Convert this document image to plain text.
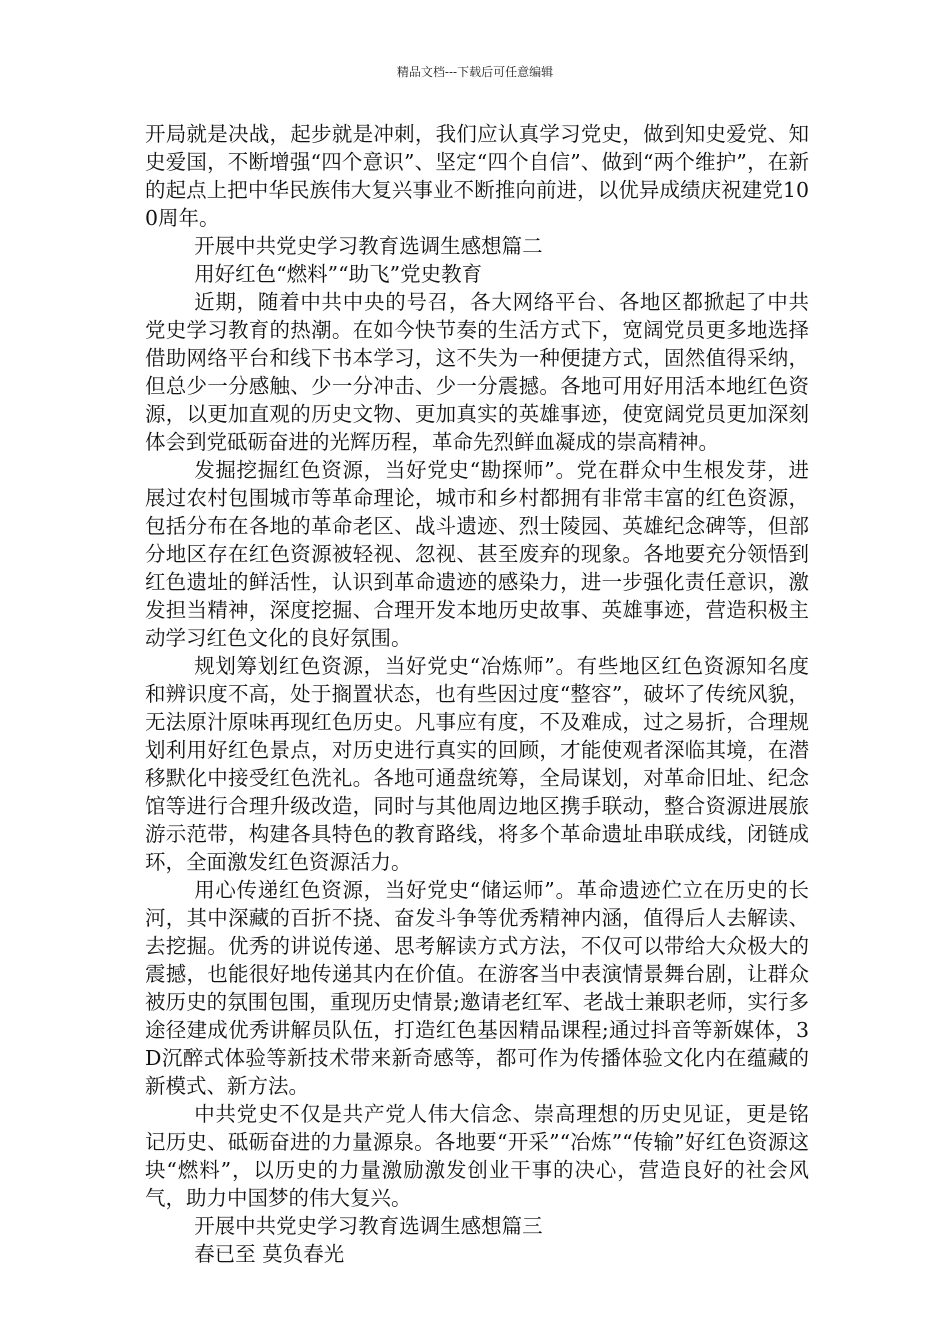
精品文档---下载后可任意编辑

开局就是决战，起步就是冲刺，我们应认真学习党史，做到知史爱党、知史爱国，不断增强“四个意识”、坚定“四个自信”、做到“两个维护”，在新的起点上把中华民族伟大复兴事业不断推向前进，以优异成绩庆祝建党100周年。

开展中共党史学习教育选调生感想篇二

用好红色“燃料”“助飞”党史教育

近期，随着中共中央的号召，各大网络平台、各地区都掀起了中共党史学习教育的热潮。在如今快节奏的生活方式下，宽阔党员更多地选择借助网络平台和线下书本学习，这不失为一种便捷方式，固然值得采纳，但总少一分感触、少一分冲击、少一分震撼。各地可用好用活本地红色资源，以更加直观的历史文物、更加真实的英雄事迹，使宽阔党员更加深刻体会到党砥砺奋进的光辉历程，革命先烈鲜血凝成的崇高精神。

发掘挖掘红色资源，当好党史“勘探师”。党在群众中生根发芽，进展过农村包围城市等革命理论，城市和乡村都拥有非常丰富的红色资源，包括分布在各地的革命老区、战斗遗迹、烈士陵园、英雄纪念碑等，但部分地区存在红色资源被轻视、忽视、甚至废弃的现象。各地要充分领悟到红色遗址的鲜活性，认识到革命遗迹的感染力，进一步强化责任意识，激发担当精神，深度挖掘、合理开发本地历史故事、英雄事迹，营造积极主动学习红色文化的良好氛围。

规划筹划红色资源，当好党史“冶炼师”。有些地区红色资源知名度和辨识度不高，处于搁置状态，也有些因过度“整容”，破坏了传统风貌，无法原汁原味再现红色历史。凡事应有度，不及难成，过之易折，合理规划利用好红色景点，对历史进行真实的回顾，才能使观者深临其境，在潜移默化中接受红色洗礼。各地可通盘统筹，全局谋划，对革命旧址、纪念馆等进行合理升级改造，同时与其他周边地区携手联动，整合资源进展旅游示范带，构建各具特色的教育路线，将多个革命遗址串联成线，闭链成环，全面激发红色资源活力。

用心传递红色资源，当好党史“储运师”。革命遗迹伫立在历史的长河，其中深藏的百折不挠、奋发斗争等优秀精神内涵，值得后人去解读、去挖掘。优秀的讲说传递、思考解读方式方法，不仅可以带给大众极大的震撼，也能很好地传递其内在价值。在游客当中表演情景舞台剧，让群众被历史的氛围包围，重现历史情景;邀请老红军、老战士兼职老师，实行多途径建成优秀讲解员队伍，打造红色基因精品课程;通过抖音等新媒体，3D沉醉式体验等新技术带来新奇感等，都可作为传播体验文化内在蕴藏的新模式、新方法。

中共党史不仅是共产党人伟大信念、崇高理想的历史见证，更是铭记历史、砥砺奋进的力量源泉。各地要“开采”“冶炼”“传输”好红色资源这块“燃料”，以历史的力量激励激发创业干事的决心，营造良好的社会风气，助力中国梦的伟大复兴。

开展中共党史学习教育选调生感想篇三

春已至 莫负春光
